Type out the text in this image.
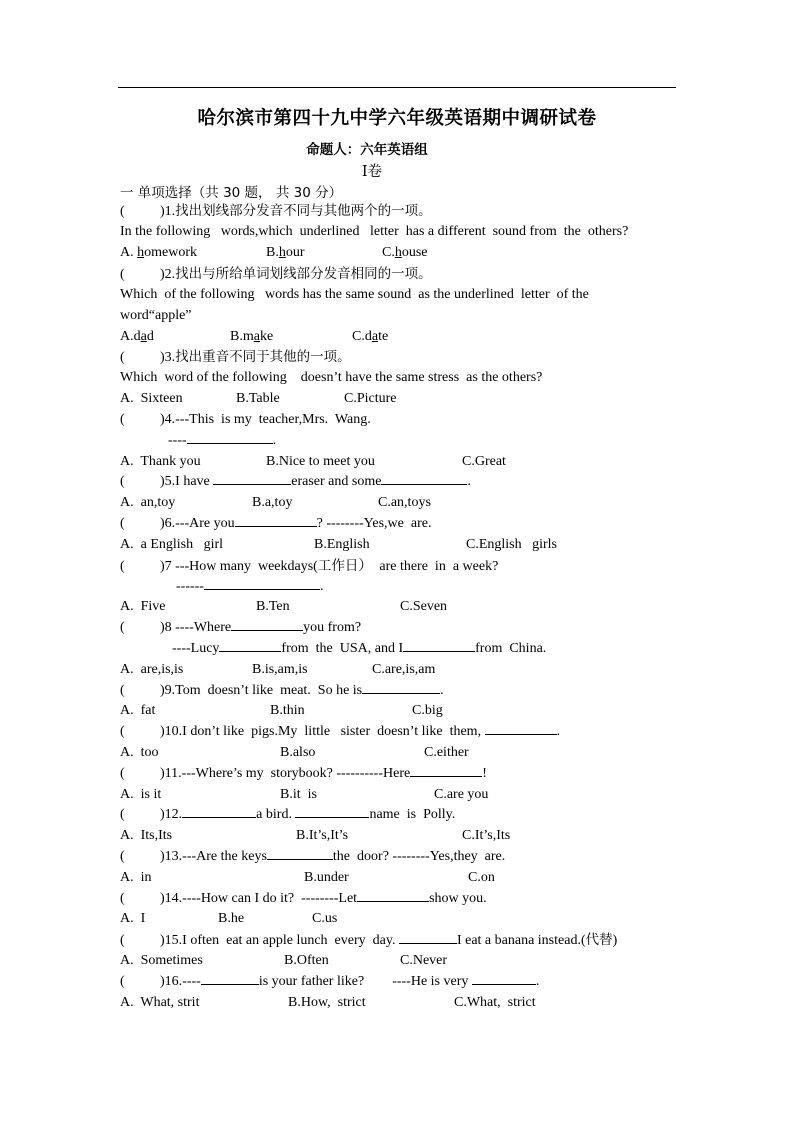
哈尔滨市第四十九中学六年级英语期中调研试卷
命题人：六年英语组
Ⅰ卷
一 单项选择（共 30 题， 共 30 分）
(	)1.找出划线部分发音不同与其他两个的一项。
In the following   words,which  underlined   letter  has a different  sound from  the  others?

A. homework

	B.hour

	C.house

(	)2.找出与所给单词划线部分发音相同的一项。
Which  of the following   words has the same sound  as the underlined  letter  of the
word“apple”

A.dad

	B.make

	C.date

(	)3.找出重音不同于其他的一项。
Which  word of the following    doesn’t have the same stress  as the others?

A.  Sixteen

	B.Table

	C.Picture

(	)4.---This  is my  teacher,Mrs.  Wang.
----	.

A.  Thank you

	B.Nice to meet you

	C.Great

(	)5.I have	eraser and some	.

A.  an,toy

	B.a,toy

	C.an,toys

(	)6.---Are you	? --------Yes,we  are.

A.  a English   girl

	B.English

	C.English   girls

(	)7 ---How many  weekdays(工作日）  are there  in  a week?
------	.

A.  Five

	B.Ten

	C.Seven

(	)8 ----Where	you from?
----Lucy	from  the  USA, and I	from  China.

A.  are,is,is

	B.is,am,is

	C.are,is,am

(	)9.Tom  doesn’t like  meat.  So he is	.

A.  fat

	B.thin

	C.big

(	)10.I don’t like  pigs.My  little   sister  doesn’t like  them,	.

A.  too

	B.also

	C.either

(	)11.---Where’s my  storybook? ----------Here	!

A.  is it

	B.it  is

	C.are you

(	)12.	a bird.	name  is  Polly.

A.  Its,Its

	B.It’s,It’s

	C.It’s,Its

(	)13.---Are the keys	the  door? --------Yes,they  are.

A.  in

	B.under

	C.on

(	)14.----How can I do it?  --------Let	show you.

A.  I

	B.he

	C.us

(	)15.I often  eat an apple lunch  every  day.	I eat a banana instead.(代替)

A.  Sometimes

	B.Often

	C.Never

(	)16.----	is your father like? ----He is very	.

A.  What, strit

	B.How,  strict

	C.What,  strict
